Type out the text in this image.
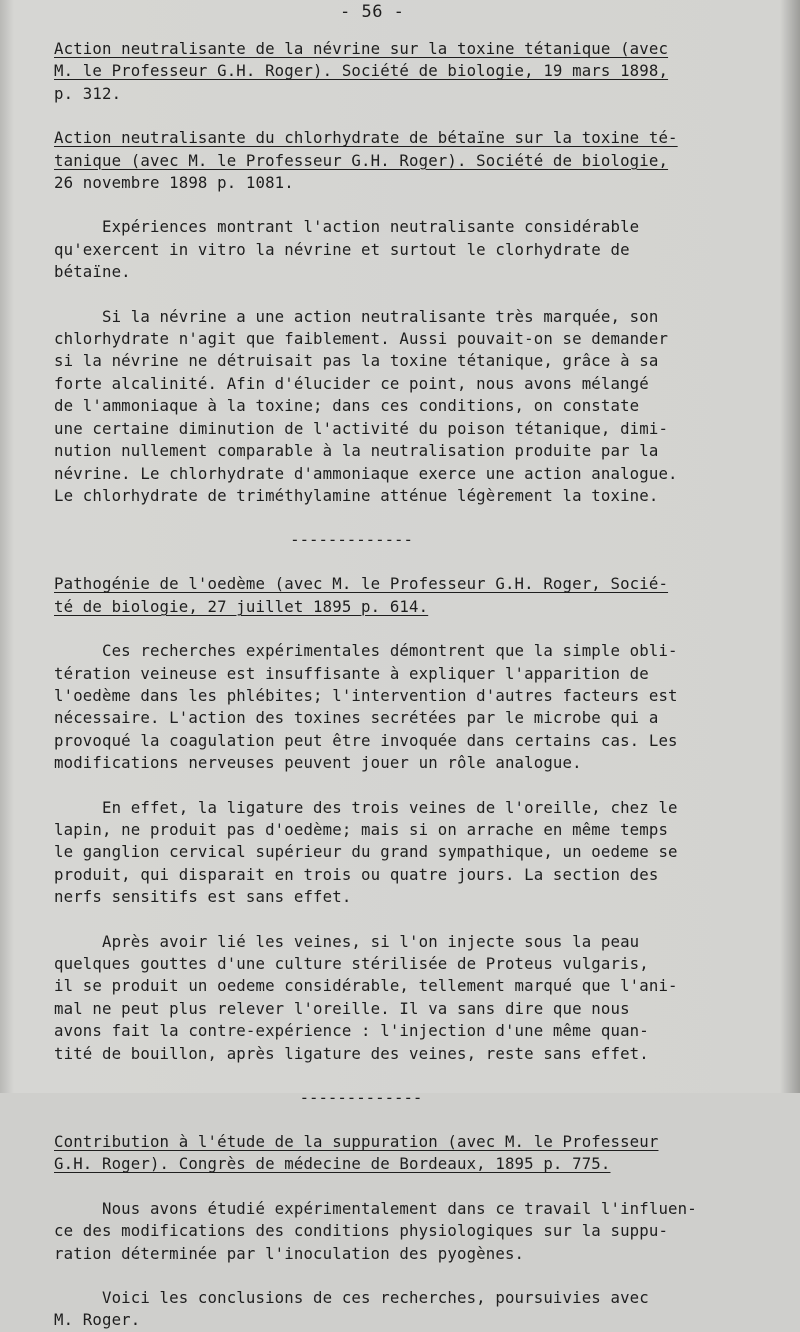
- 56 -

Action neutralisante de la névrine sur la toxine tétanique (avec
M. le Professeur G.H. Roger). Société de biologie, 19 mars 1898,
p. 312.

Action neutralisante du chlorhydrate de bétaïne sur la toxine té-
tanique (avec M. le Professeur G.H. Roger). Société de biologie,
26 novembre 1898 p. 1081.

Expériences montrant l'action neutralisante considérable
qu'exercent in vitro la névrine et surtout le clorhydrate de
bétaïne.

Si la névrine a une action neutralisante très marquée, son
chlorhydrate n'agit que faiblement. Aussi pouvait-on se demander
si la névrine ne détruisait pas la toxine tétanique, grâce à sa
forte alcalinité. Afin d'élucider ce point, nous avons mélangé
de l'ammoniaque à la toxine; dans ces conditions, on constate
une certaine diminution de l'activité du poison tétanique, dimi-
nution nullement comparable à la neutralisation produite par la
névrine. Le chlorhydrate d'ammoniaque exerce une action analogue.
Le chlorhydrate de triméthylamine atténue légèrement la toxine.

-------------

Pathogénie de l'oedème (avec M. le Professeur G.H. Roger, Socié-
té de biologie, 27 juillet 1895 p. 614.

Ces recherches expérimentales démontrent que la simple obli-
tération veineuse est insuffisante à expliquer l'apparition de
l'oedème dans les phlébites; l'intervention d'autres facteurs est
nécessaire. L'action des toxines secrétées par le microbe qui a
provoqué la coagulation peut être invoquée dans certains cas. Les
modifications nerveuses peuvent jouer un rôle analogue.

En effet, la ligature des trois veines de l'oreille, chez le
lapin, ne produit pas d'oedème; mais si on arrache en même temps
le ganglion cervical supérieur du grand sympathique, un oedeme se
produit, qui disparait en trois ou quatre jours. La section des
nerfs sensitifs est sans effet.

Après avoir lié les veines, si l'on injecte sous la peau
quelques gouttes d'une culture stérilisée de Proteus vulgaris,
il se produit un oedeme considérable, tellement marqué que l'ani-
mal ne peut plus relever l'oreille. Il va sans dire que nous
avons fait la contre-expérience : l'injection d'une même quan-
tité de bouillon, après ligature des veines, reste sans effet.

-------------

Contribution à l'étude de la suppuration (avec M. le Professeur
G.H. Roger). Congrès de médecine de Bordeaux, 1895 p. 775.

Nous avons étudié expérimentalement dans ce travail l'influen-
ce des modifications des conditions physiologiques sur la suppu-
ration déterminée par l'inoculation des pyogènes.

Voici les conclusions de ces recherches, poursuivies avec
M. Roger.
